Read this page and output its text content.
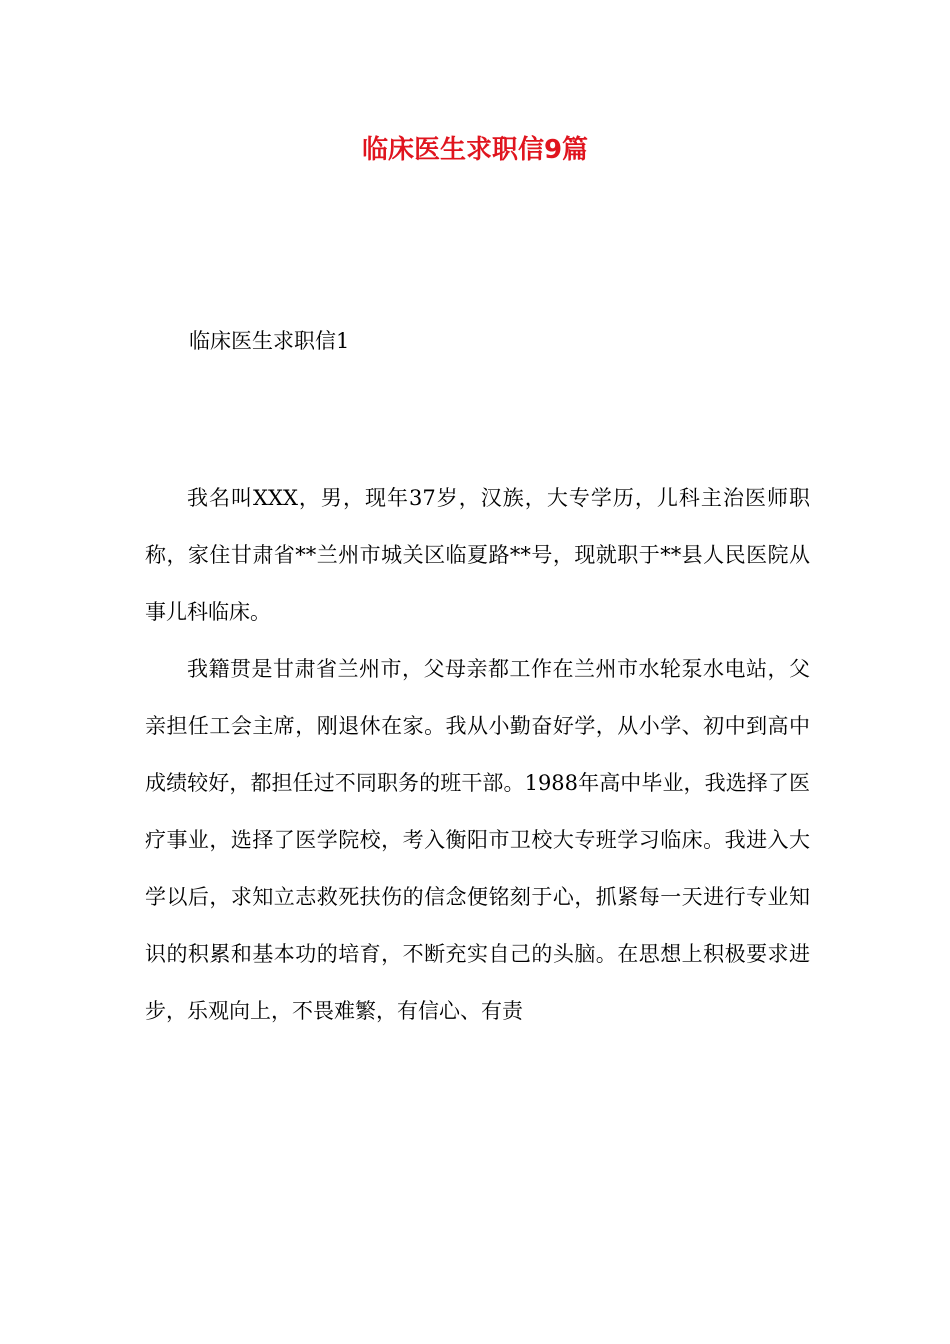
临床医生求职信9篇
临床医生求职信1

我名叫XXX，男，现年37岁，汉族，大专学历，儿科主治医师职称，家住甘肃省**兰州市城关区临夏路**号，现就职于**县人民医院从事儿科临床。

我籍贯是甘肃省兰州市，父母亲都工作在兰州市水轮泵水电站，父亲担任工会主席，刚退休在家。我从小勤奋好学，从小学、初中到高中成绩较好，都担任过不同职务的班干部。1988年高中毕业，我选择了医疗事业，选择了医学院校，考入衡阳市卫校大专班学习临床。我进入大学以后，求知立志救死扶伤的信念便铭刻于心，抓紧每一天进行专业知识的积累和基本功的培育，不断充实自己的头脑。在思想上积极要求进步，乐观向上，不畏难繁，有信心、有责
